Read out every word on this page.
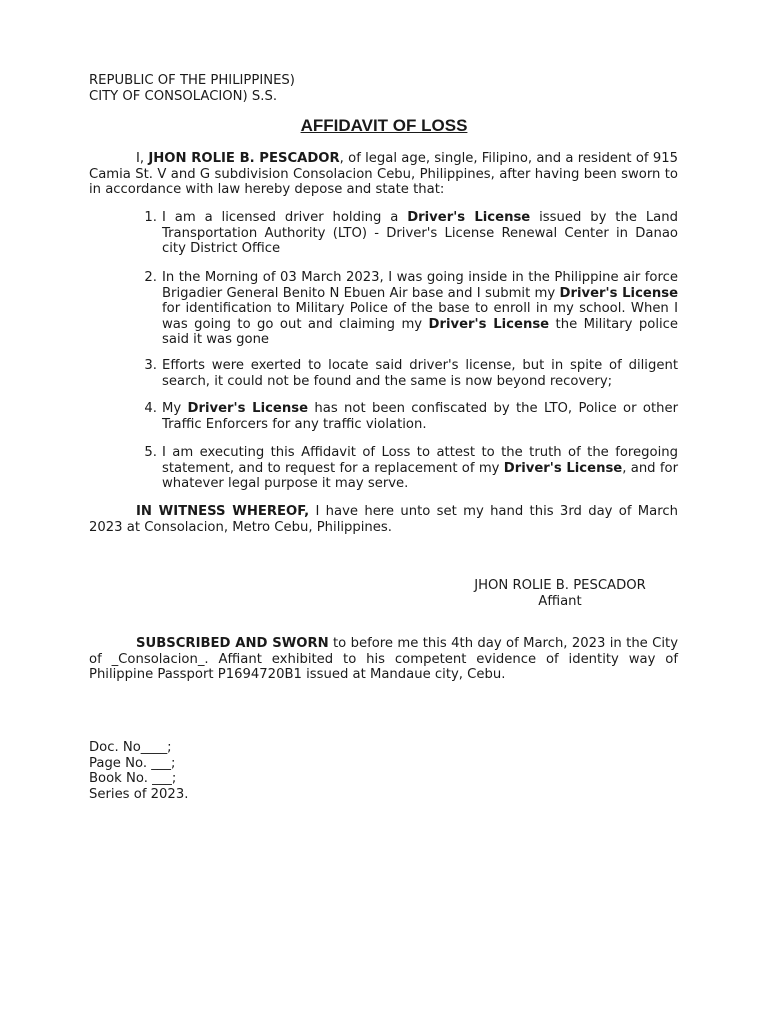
REPUBLIC OF THE PHILIPPINES)
CITY OF CONSOLACION) S.S.
AFFIDAVIT OF LOSS
I, JHON ROLIE B. PESCADOR, of legal age, single, Filipino, and a resident of 915 Camia St. V and G subdivision Consolacion Cebu, Philippines, after having been sworn to in accordance with law hereby depose and state that:
1. I am a licensed driver holding a Driver's License issued by the Land Transportation Authority (LTO) - Driver's License Renewal Center in Danao city District Office
2. In the Morning of 03 March 2023, I was going inside in the Philippine air force Brigadier General Benito N Ebuen Air base and I submit my Driver's License for identification to Military Police of the base to enroll in my school. When I was going to go out and claiming my Driver's License the Military police said it was gone
3. Efforts were exerted to locate said driver's license, but in spite of diligent search, it could not be found and the same is now beyond recovery;
4. My Driver's License has not been confiscated by the LTO, Police or other Traffic Enforcers for any traffic violation.
5. I am executing this Affidavit of Loss to attest to the truth of the foregoing statement, and to request for a replacement of my Driver's License, and for whatever legal purpose it may serve.
IN WITNESS WHEREOF, I have here unto set my hand this 3rd day of March 2023 at Consolacion, Metro Cebu, Philippines.
JHON ROLIE B. PESCADOR
Affiant
SUBSCRIBED AND SWORN to before me this 4th day of March, 2023 in the City of _Consolacion_. Affiant exhibited to his competent evidence of identity way of Philippine Passport P1694720B1 issued at Mandaue city, Cebu.
Doc. No____;
Page No. ___;
Book No. ___;
Series of 2023.
